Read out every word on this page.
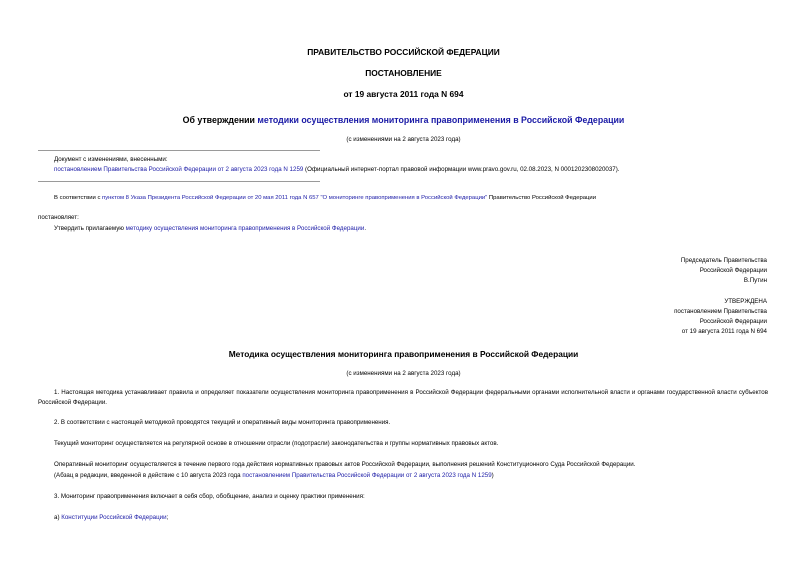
ПРАВИТЕЛЬСТВО РОССИЙСКОЙ ФЕДЕРАЦИИ
ПОСТАНОВЛЕНИЕ
от 19 августа 2011 года N 694
Об утверждении методики осуществления мониторинга правоприменения в Российской Федерации
(с изменениями на 2 августа 2023 года)
Документ с изменениями, внесенными:
постановлением Правительства Российской Федерации от 2 августа 2023 года N 1259 (Официальный интернет-портал правовой информации www.pravo.gov.ru, 02.08.2023, N 0001202308020037).
В соответствии с пунктом 8 Указа Президента Российской Федерации от 20 мая 2011 года N 657 "О мониторинге правоприменения в Российской Федерации" Правительство Российской Федерации
постановляет:
Утвердить прилагаемую методику осуществления мониторинга правоприменения в Российской Федерации.
Председатель Правительства
Российской Федерации
В.Путин
УТВЕРЖДЕНА
постановлением Правительства
Российской Федерации
от 19 августа 2011 года N 694
Методика осуществления мониторинга правоприменения в Российской Федерации
(с изменениями на 2 августа 2023 года)
1. Настоящая методика устанавливает правила и определяет показатели осуществления мониторинга правоприменения в Российской Федерации федеральными органами исполнительной власти и органами государственной власти субъектов Российской Федерации.
2. В соответствии с настоящей методикой проводятся текущий и оперативный виды мониторинга правоприменения.
Текущий мониторинг осуществляется на регулярной основе в отношении отрасли (подотрасли) законодательства и группы нормативных правовых актов.
Оперативный мониторинг осуществляется в течение первого года действия нормативных правовых актов Российской Федерации, выполнения решений Конституционного Суда Российской Федерации.
(Абзац в редакции, введенной в действие с 10 августа 2023 года постановлением Правительства Российской Федерации от 2 августа 2023 года N 1259)
3. Мониторинг правоприменения включает в себя сбор, обобщение, анализ и оценку практики применения:
а) Конституции Российской Федерации;
